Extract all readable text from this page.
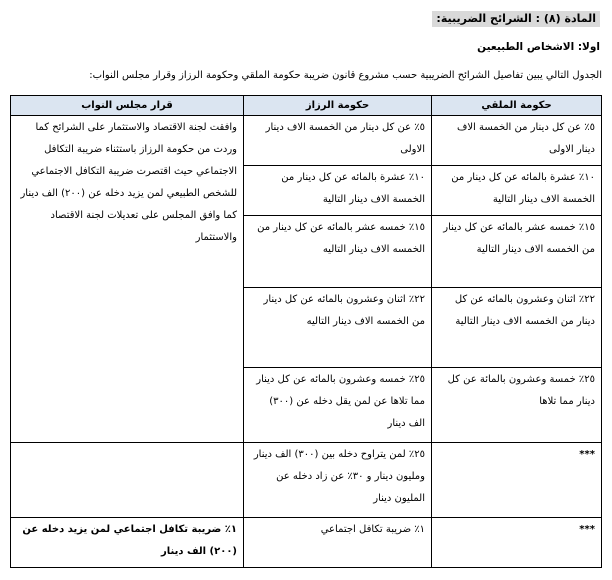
المادة (٨) : الشرائح الضريبية:
اولا: الاشخاص الطبيعين
الجدول التالي يبين تفاصيل الشرائح الضريبية حسب مشروع قانون ضريبة حكومة الملقي وحكومة الرزاز وقرار مجلس النواب:
حكومة الملقي	حكومة الرزاز	قرار مجلس النواب
٥٪ عن كل دينار من الخمسة الاف دينار الاولى	٥٪ عن كل دينار من الخمسة الاف دينار الاولى	وافقت لجنة الاقتصاد والاستثمار على الشرائح كما وردت من حكومة الرزاز باستثناء ضريبة التكافل الاجتماعي حيث اقتصرت ضريبة التكافل الاجتماعي للشخص الطبيعي لمن يزيد دخله عن (٢٠٠) الف دينار كما وافق المجلس على تعديلات لجنة الاقتصاد والاستثمار
١٠٪ عشرة بالمائه عن كل دينار من الخمسة الاف دينار التالية	١٠٪ عشرة بالمائه عن كل دينار من الخمسة الاف دينار التالية	
١٥٪ خمسه عشر بالمائه عن كل دينار من الخمسه الاف دينار التالية	١٥٪ خمسه عشر بالمائه عن كل دينار من الخمسه الاف دينار التاليه	
٢٢٪ اثنان وعشرون بالمائه عن كل دينار من الخمسه الاف دينار التالية	٢٢٪ اثنان وعشرون بالمائه عن كل دينار من الخمسه الاف دينار التاليه	
٢٥٪ خمسة وعشرون بالمائة عن كل دينار مما تلاها	٢٥٪ خمسه وعشرون بالمائه عن كل دينار مما تلاها عن لمن يقل دخله عن (٣٠٠) الف دينار	
***	٢٥٪ لمن يتراوح دخله بين (٣٠٠) الف دينار ومليون دينار و ٣٠٪ عن زاد دخله عن المليون دينار	
***	١٪ ضريبة تكافل اجتماعي	١٪ ضريبة تكافل اجتماعي لمن يزيد دخله عن (٢٠٠) الف دينار
